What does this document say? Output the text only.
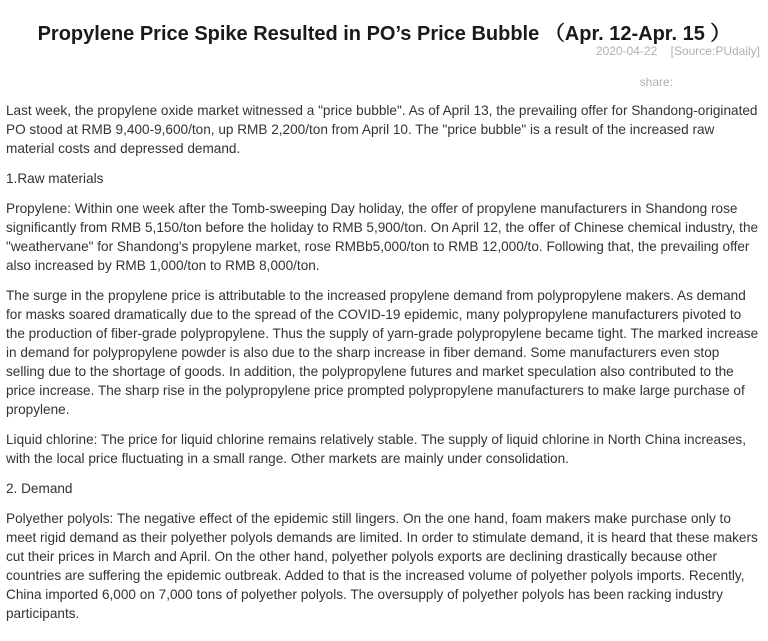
Propylene Price Spike Resulted in PO’s Price Bubble （Apr. 12-Apr. 15 ）
2020-04-22 [Source:PUdaily]
share:

Last week, the propylene oxide market witnessed a "price bubble". As of April 13, the prevailing offer for Shandong-originated PO stood at RMB 9,400-9,600/ton, up RMB 2,200/ton from April 10. The "price bubble" is a result of the increased raw material costs and depressed demand.

1.Raw materials

Propylene: Within one week after the Tomb-sweeping Day holiday, the offer of propylene manufacturers in Shandong rose significantly from RMB 5,150/ton before the holiday to RMB 5,900/ton. On April 12, the offer of Chinese chemical industry, the "weathervane" for Shandong's propylene market, rose RMBb5,000/ton to RMB 12,000/to. Following that, the prevailing offer also increased by RMB 1,000/ton to RMB 8,000/ton.

The surge in the propylene price is attributable to the increased propylene demand from polypropylene makers. As demand for masks soared dramatically due to the spread of the COVID-19 epidemic, many polypropylene manufacturers pivoted to the production of fiber-grade polypropylene. Thus the supply of yarn-grade polypropylene became tight. The marked increase in demand for polypropylene powder is also due to the sharp increase in fiber demand. Some manufacturers even stop selling due to the shortage of goods. In addition, the polypropylene futures and market speculation also contributed to the price increase. The sharp rise in the polypropylene price prompted polypropylene manufacturers to make large purchase of propylene.

Liquid chlorine: The price for liquid chlorine remains relatively stable. The supply of liquid chlorine in North China increases, with the local price fluctuating in a small range. Other markets are mainly under consolidation.

2. Demand

Polyether polyols: The negative effect of the epidemic still lingers. On the one hand, foam makers make purchase only to meet rigid demand as their polyether polyols demands are limited. In order to stimulate demand, it is heard that these makers cut their prices in March and April. On the other hand, polyether polyols exports are declining drastically because other countries are suffering the epidemic outbreak. Added to that is the increased volume of polyether polyols imports. Recently, China imported 6,000 on 7,000 tons of polyether polyols. The oversupply of polyether polyols has been racking industry participants.
